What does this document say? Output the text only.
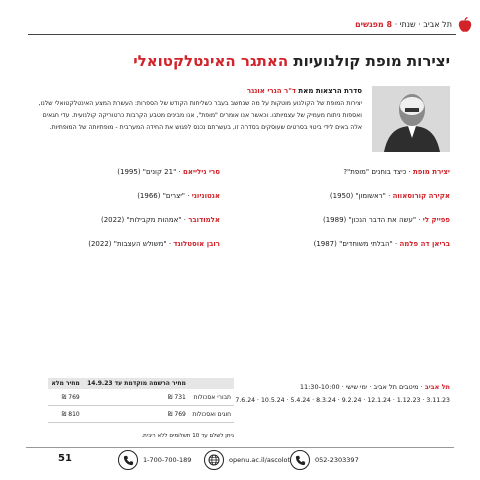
תל אביב · שנתי · 8 מפגשים
יצירות מופת קולנועיות האתגר האינטלקטואלי
סדרת הרצאות מאת ד"ר הנרי אונגר
יצירות המופת של הקולנוע מוטקות על מה שנחשב בעבר כשליחות הקודש של הספרות: העשרת המצע האינטלקטואלי שלנו, ואספות ניתוח מעמיק של עצמיותנו. וכאשר אנו אומרים "מופת", אנו מבינים מטבע הקרבות כרטוריקה קולנועית. עדי חגאים אלה באים לידי ביטוי בסרטים שעוסקים בסדרה זו, בעשרתם נכנס לפגוש את החידה המערבית - מופתיותה של המופתיות.
יצירת מופת · כיצד בוחנים "מופת"?
אקירה קורוסאווה · "ראשומון" (1950)
פפייק לי · "עשה את הדבר הנכון" (1989)
בריאן דה פלמה · "הבלתי משוחדים" (1987)
סרי נילייאם · "21 קונים" (1995)
אנטוניוני · "יצרים" (1966)
אלמודובר · "אמהות מקבילות" (2022)
רובן אוסטלונד · "משולש העצבות" (2022)
תל אביב · מיטבים תל אביב · ימי שישי · 11:30-10:00
3.11.23 · 1.12.23 · 12.1.24 · 9.2.24 · 8.3.24 · 5.4.24 · 10.5.24 · 7.6.24
	מחיר הרשמה מוקדמת עד 14.9.23	מחיר מלא
תבורי אסכולות	731 ₪	769 ₪
חוגים ואסכולות	769 ₪	810 ₪
ניתן לשלם עד 10 תשלומים ללא ריבית.
51	1-700-700-189	openu.ac.il/ascolot	052-2303397
